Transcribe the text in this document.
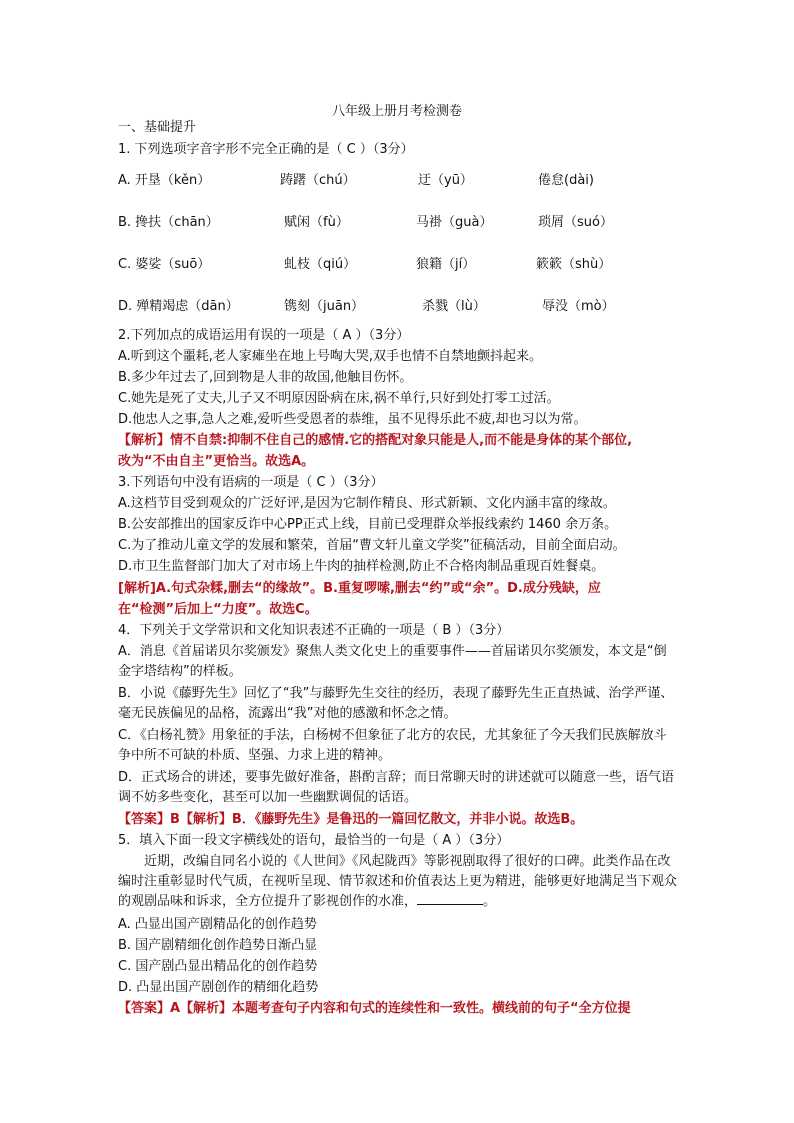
八年级上册月考检测卷
一、基础提升
1. 下列选项字音字形不完全正确的是（ C ）（3分）
A. 开垦（kěn）	踌躇（chú）	迂（yū）	倦怠(dài)
B. 搀扶（chān）	赋闲（fù）	马褂（guà）	琐屑（suó）
C. 婆娑（suō）	虬枝（qiú）	狼籍（jí）	簌簌（shù）
D. 殚精竭虑（dān）	镌刻（juān）	杀戮（lù）	辱没（mò）
2.下列加点的成语运用有误的一项是（ A ）（3分）
A.听到这个噩耗,老人家瘫坐在地上号啕大哭,双手也情不自禁地颤抖起来。
B.多少年过去了,回到物是人非的故国,他触目伤怀。
C.她先是死了丈夫,儿子又不明原因卧病在床,祸不单行,只好到处打零工过活。
D.他忠人之事,急人之难,爱听些受恩者的恭维，虽不见得乐此不疲,却也习以为常。
【解析】情不自禁:抑制不住自己的感情.它的搭配对象只能是人,而不能是身体的某个部位,
改为“不由自主”更恰当。故选A。
3.下列语句中没有语病的一项是（ C ）（3分）
A.这档节目受到观众的广泛好评,是因为它制作精良、形式新颖、文化内涵丰富的缘故。
B.公安部推出的国家反诈中心PP正式上线，目前已受理群众举报线索约 1460 余万条。
C.为了推动儿童文学的发展和繁荣，首届“曹文轩儿童文学奖”征稿活动，目前全面启动。
D.市卫生监督部门加大了对市场上牛肉的抽样检测,防止不合格肉制品重现百姓餐桌。
[解析]A.句式杂糅,删去“的缘故”。B.重复啰嗦,删去“约”或“余”。D.成分残缺，应
在“检测”后加上“力度”。故选C。
4．下列关于文学常识和文化知识表述不正确的一项是（ B ）（3分）
A．消息《首届诺贝尔奖颁发》聚焦人类文化史上的重要事件——首届诺贝尔奖颁发，本文是“倒金字塔结构”的样板。
B．小说《藤野先生》回忆了“我”与藤野先生交往的经历，表现了藤野先生正直热诚、治学严谨、毫无民族偏见的品格，流露出“我”对他的感激和怀念之情。
C．《白杨礼赞》用象征的手法，白杨树不但象征了北方的农民，尤其象征了今天我们民族解放斗争中所不可缺的朴质、坚强、力求上进的精神。
D．正式场合的讲述，要事先做好准备，斟酌言辞；而日常聊天时的讲述就可以随意一些，语气语调不妨多些变化，甚至可以加一些幽默调侃的话语。
【答案】B【解析】B．《藤野先生》是鲁迅的一篇回忆散文，并非小说。故选B。
5．填入下面一段文字横线处的语句，最恰当的一句是（ A ）（3分）
近期，改编自同名小说的《人世间》《风起陇西》等影视剧取得了很好的口碑。此类作品在改编时注重彰显时代气质，在视听呈现、情节叙述和价值表达上更为精进，能够更好地满足当下观众的观剧品味和诉求，全方位提升了影视创作的水准，	。
A. 凸显出国产剧精品化的创作趋势
B. 国产剧精细化创作趋势日渐凸显
C. 国产剧凸显出精品化的创作趋势
D. 凸显出国产剧创作的精细化趋势
【答案】A【解析】本题考查句子内容和句式的连续性和一致性。横线前的句子“全方位提
